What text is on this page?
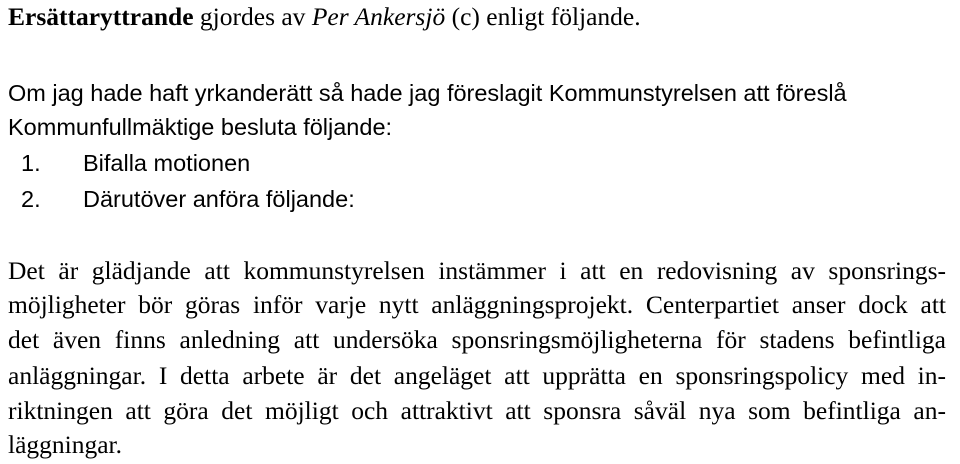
Ersättaryttrande gjordes av Per Ankersjö (c) enligt följande.

Om jag hade haft yrkanderätt så hade jag föreslagit Kommunstyrelsen att föreslå

Kommunfullmäktige besluta följande:

1. Bifalla motionen

2. Därutöver anföra följande:

Det är glädjande att kommunstyrelsen instämmer i att en redovisning av sponsrings-

möjligheter bör göras inför varje nytt anläggningsprojekt. Centerpartiet anser dock att

det även finns anledning att undersöka sponsringsmöjligheterna för stadens befintliga

anläggningar. I detta arbete är det angeläget att upprätta en sponsringspolicy med in-

riktningen att göra det möjligt och attraktivt att sponsra såväl nya som befintliga an-

läggningar.
